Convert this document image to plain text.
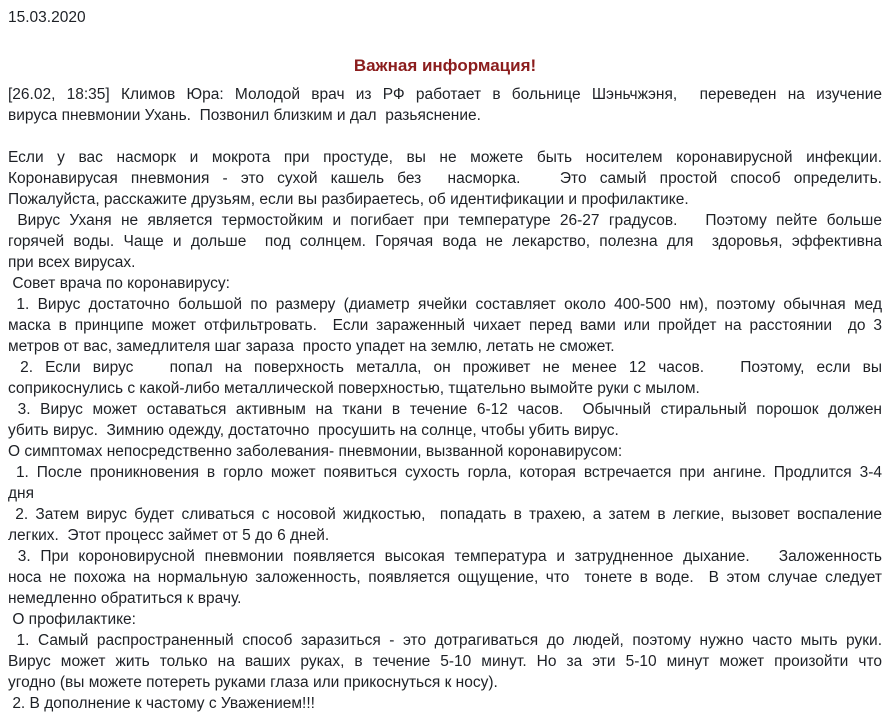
15.03.2020
Важная информация!
[26.02, 18:35] Климов Юра: Молодой врач из РФ работает в больнице Шэньчжэня,  переведен на изучение
вируса пневмонии Ухань.  Позвонил близким и дал  разьяснение.
Если у вас насморк и мокрота при простуде, вы не можете быть носителем коронавирусной инфекции.
Коронавирусая пневмония - это сухой кашель без  насморка.   Это самый простой способ определить.
Пожалуйста, расскажите друзьям, если вы разбираетесь, об идентификации и профилактике.
Вирус Уханя не является термостойким и погибает при температуре 26-27 градусов.   Поэтому пейте больше
горячей воды. Чаще и дольше  под солнцем. Горячая вода не лекарство, полезна для  здоровья, эффективна
при всех вирусах.
Совет врача по коронавирусу:
1. Вирус достаточно большой по размеру (диаметр ячейки составляет около 400-500 нм), поэтому обычная мед
маска в принципе может отфильтровать.  Если зараженный чихает перед вами или пройдет на расстоянии  до 3
метров от вас, замедлителя шаг зараза  просто упадет на землю, летать не сможет.
2. Если вирус   попал на поверхность металла, он проживет не менее 12 часов.   Поэтому, если вы
соприкоснулись с какой-либо металлической поверхностью, тщательно вымойте руки с мылом.
3. Вирус может оставаться активным на ткани в течение 6-12 часов.  Обычный стиральный порошок должен
убить вирус.  Зимнию одежду, достаточно  просушить на солнце, чтобы убить вирус.
О симптомах непосредственно заболевания- пневмонии, вызванной коронавирусом:
1. После проникновения в горло может появиться сухость горла, которая встречается при ангине. Продлится 3-4
дня
2. Затем вирус будет сливаться с носовой жидкостью,  попадать в трахею, а затем в легкие, вызовет воспаление
легких.  Этот процесс займет от 5 до 6 дней.
3. При короновирусной пневмонии появляется высокая температура и затрудненное дыхание.   Заложенность
носа не похожа на нормальную заложенность, появляется ощущение, что  тонете в воде.  В этом случае следует
немедленно обратиться к врачу.
О профилактике:
1. Самый распространенный способ заразиться - это дотрагиваться до людей, поэтому нужно часто мыть руки.
Вирус может жить только на ваших руках, в течение 5-10 минут. Но за эти 5-10 минут может произойти что
угодно (вы можете потереть руками глаза или прикоснуться к носу).
2. В дополнение к частому с Уважением!!!
